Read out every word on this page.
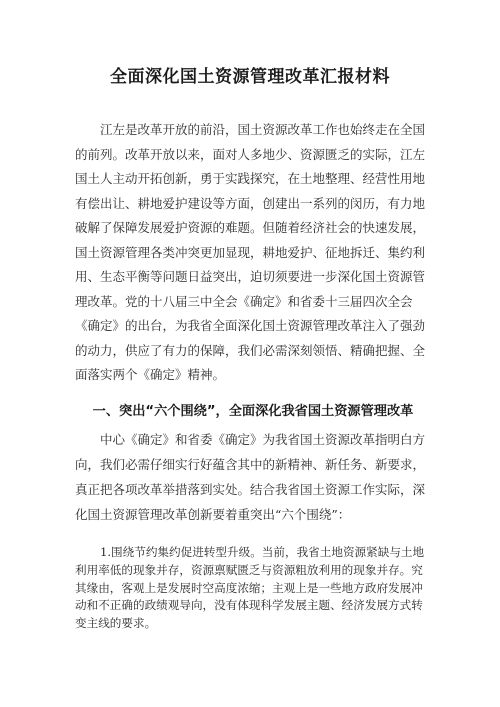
全面深化国土资源管理改革汇报材料

江左是改革开放的前沿，国土资源改革工作也始终走在全国的前列。改革开放以来，面对人多地少、资源匮乏的实际，江左国土人主动开拓创新，勇于实践探究，在土地整理、经营性用地有偿出让、耕地爱护建设等方面，创建出一系列的闵历，有力地破解了保障发展爱护资源的难题。但随着经济社会的快速发展，国土资源管理各类冲突更加显现，耕地爱护、征地拆迁、集约利用、生态平衡等问题日益突出，迫切须要进一步深化国土资源管理改革。党的十八届三中全会《确定》和省委十三届四次全会《确定》的出台，为我省全面深化国土资源管理改革注入了强劲的动力，供应了有力的保障，我们必需深刻领悟、精确把握、全面落实两个《确定》精神。

一、突出“六个围绕”，全面深化我省国土资源管理改革

中心《确定》和省委《确定》为我省国土资源改革指明白方向，我们必需仔细实行好蕴含其中的新精神、新任务、新要求，真正把各项改革举措落到实处。结合我省国土资源工作实际，深化国土资源管理改革创新要着重突出“六个围绕”：

1.围绕节约集约促进转型升级。当前，我省土地资源紧缺与土地利用率低的现象并存，资源禀赋匮乏与资源粗放利用的现象并存。究其缘由，客观上是发展时空高度浓缩；主观上是一些地方政府发展冲动和不正确的政绩观导向，没有体现科学发展主题、经济发展方式转变主线的要求。
